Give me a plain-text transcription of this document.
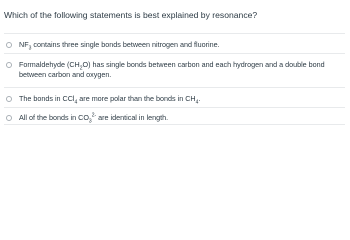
Which of the following statements is best explained by resonance?

$NF_3$ contains three single bonds between nitrogen and fluorine.
Formaldehyde $(CH_2O)$ has single bonds between carbon and each hydrogen and a double bond between carbon and oxygen.
The bonds in CCl$_4$ are more polar than the bonds in $CH_4$.
All of the bonds in $CO_3^{2-}$ are identical in length.
